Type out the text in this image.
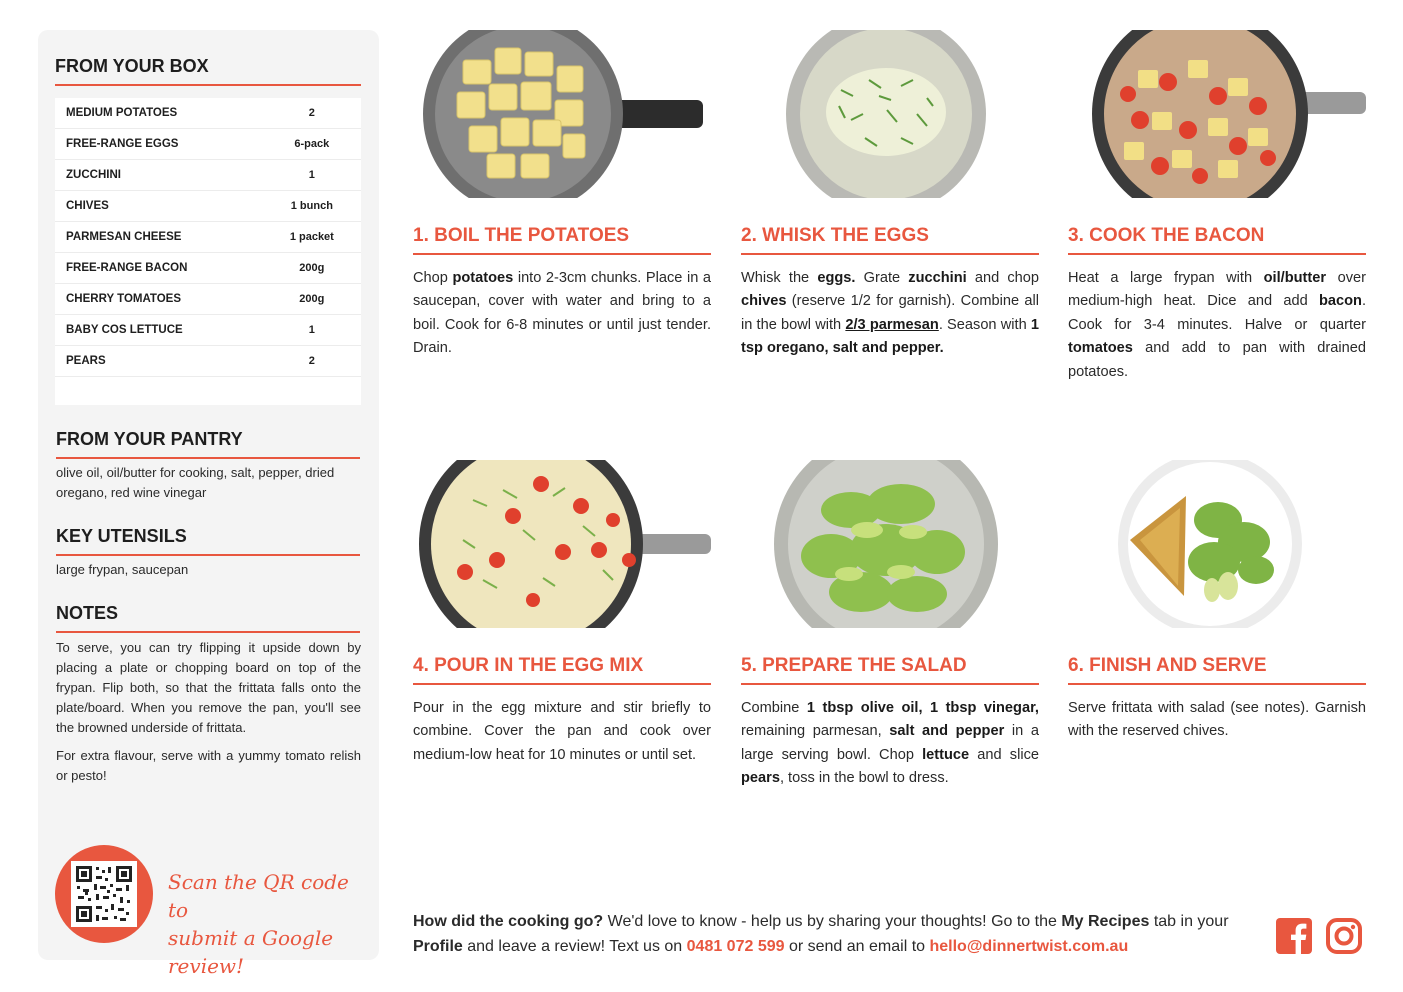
FROM YOUR BOX
MEDIUM POTATOES	2
FREE-RANGE EGGS	6-pack
ZUCCHINI	1
CHIVES	1 bunch
PARMESAN CHEESE	1 packet
FREE-RANGE BACON	200g
CHERRY TOMATOES	200g
BABY COS LETTUCE	1
PEARS	2
FROM YOUR PANTRY
olive oil, oil/butter for cooking, salt, pepper, dried oregano, red wine vinegar
KEY UTENSILS
large frypan, saucepan
NOTES

To serve, you can try flipping it upside down by placing a plate or chopping board on top of the frypan. Flip both, so that the frittata falls onto the plate/board. When you remove the pan, you'll see the browned underside of frittata.

For extra flavour, serve with a yummy tomato relish or pesto!

Scan the QR code to
submit a Google review!
1. BOIL THE POTATOES
Chop potatoes into 2-3cm chunks. Place in a saucepan, cover with water and bring to a boil. Cook for 6-8 minutes or until just tender. Drain.
2. WHISK THE EGGS
Whisk the eggs. Grate zucchini and chop chives (reserve 1/2 for garnish). Combine all in the bowl with 2/3 parmesan. Season with 1 tsp oregano, salt and pepper.
3. COOK THE BACON
Heat a large frypan with oil/butter over medium-high heat. Dice and add bacon. Cook for 3-4 minutes. Halve or quarter tomatoes and add to pan with drained potatoes.
4. POUR IN THE EGG MIX
Pour in the egg mixture and stir briefly to combine. Cover the pan and cook over medium-low heat for 10 minutes or until set.
5. PREPARE THE SALAD
Combine 1 tbsp olive oil, 1 tbsp vinegar, remaining parmesan, salt and pepper in a large serving bowl. Chop lettuce and slice pears, toss in the bowl to dress.
6. FINISH AND SERVE
Serve frittata with salad (see notes). Garnish with the reserved chives.
How did the cooking go? We'd love to know - help us by sharing your thoughts! Go to the My Recipes tab in your Profile and leave a review! Text us on 0481 072 599 or send an email to hello@dinnertwist.com.au
